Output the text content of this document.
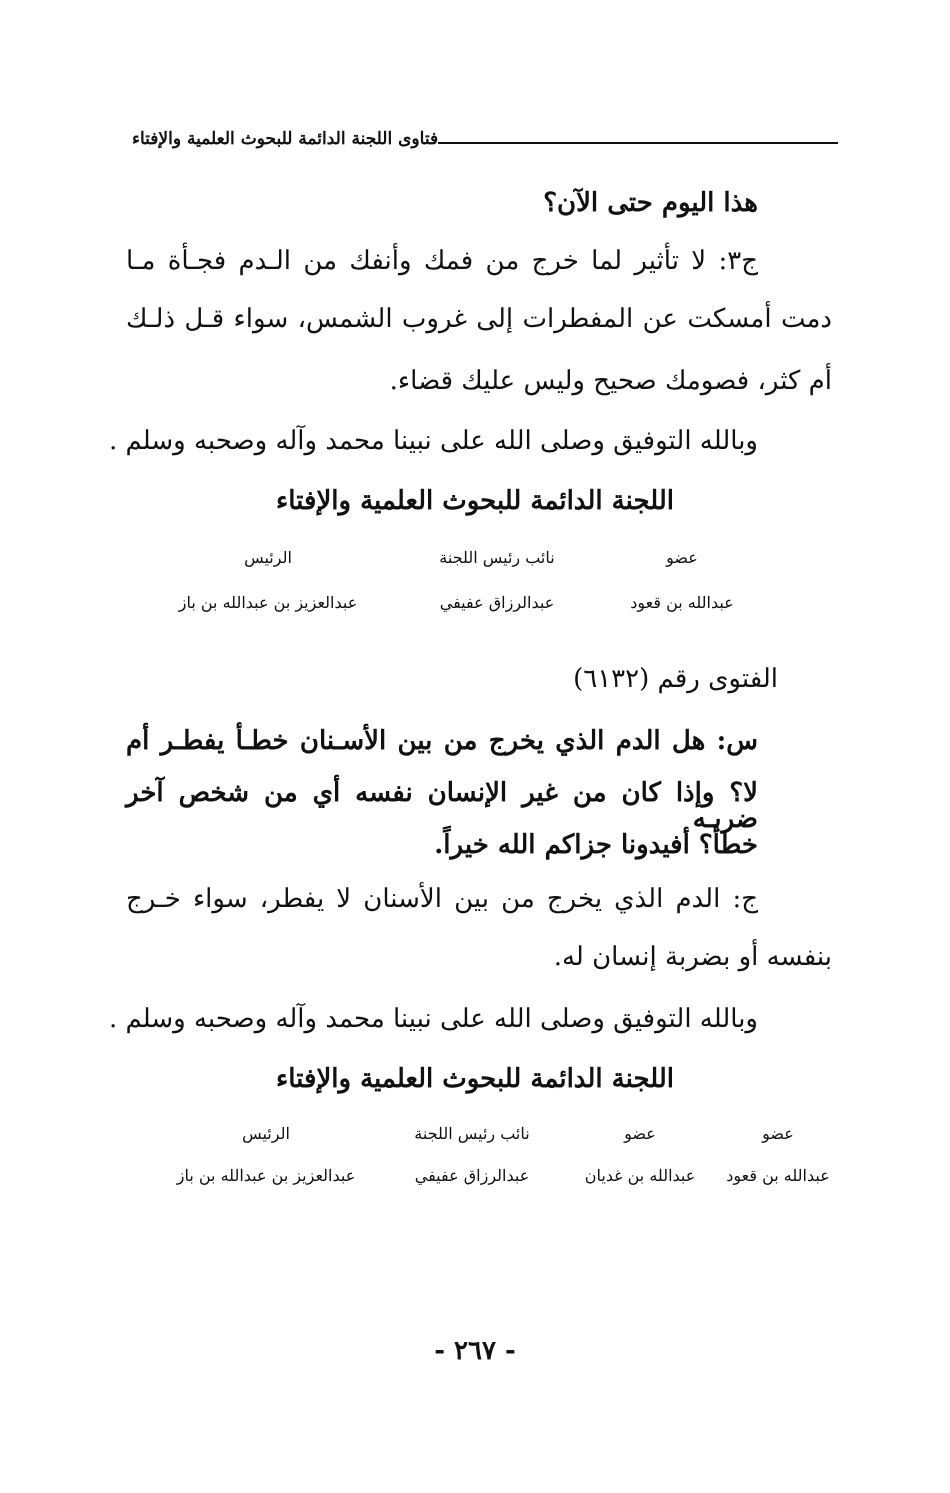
فتاوى اللجنة الدائمة للبحوث العلمية والإفتاء
هذا اليوم حتى الآن؟
ج٣: لا تأثير لما خرج من فمك وأنفك من الـدم فجـأة مـا
دمت أمسكت عن المفطرات إلى غروب الشمس، سواء قـل ذلـك
أم كثر، فصومك صحيح وليس عليك قضاء.
وبالله التوفيق وصلى الله على نبينا محمد وآله وصحبه وسلم .
اللجنة الدائمة للبحوث العلمية والإفتاء
عضو
عبدالله بن قعود
نائب رئيس اللجنة
عبدالرزاق عفيفي
الرئيس
عبدالعزيز بن عبدالله بن باز
الفتوى رقم (٦١٣٢)
س: هل الدم الذي يخرج من بين الأسـنان خطـأ يفطـر أم
لا؟ وإذا كان من غير الإنسان نفسه أي من شخص آخر ضربـه
خطأ؟ أفيدونا جزاكم الله خيراً.
ج: الدم الذي يخرج من بين الأسنان لا يفطر، سواء خـرج
بنفسه أو بضربة إنسان له.
وبالله التوفيق وصلى الله على نبينا محمد وآله وصحبه وسلم .
اللجنة الدائمة للبحوث العلمية والإفتاء
عضو
عبدالله بن قعود
عضو
عبدالله بن غديان
نائب رئيس اللجنة
عبدالرزاق عفيفي
الرئيس
عبدالعزيز بن عبدالله بن باز
- ٢٦٧ -
